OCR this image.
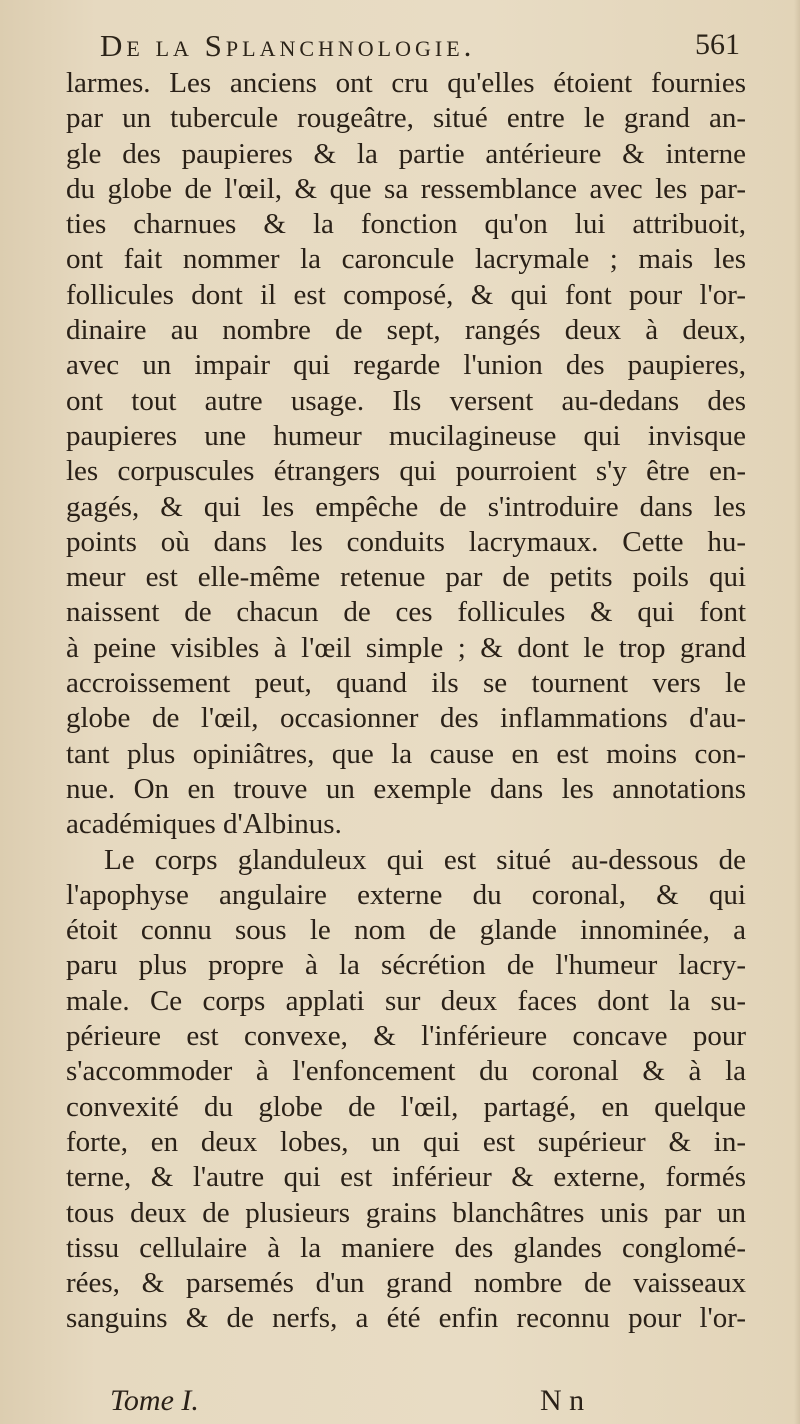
De la Splanchnologie.	561
larmes. Les anciens ont cru qu'elles étoient fournies
par un tubercule rougeâtre, situé entre le grand an-
gle des paupieres & la partie antérieure & interne
du globe de l'œil, & que sa ressemblance avec les par-
ties charnues & la fonction qu'on lui attribuoit,
ont fait nommer la caroncule lacrymale ; mais les
follicules dont il est composé, & qui font pour l'or-
dinaire au nombre de sept, rangés deux à deux,
avec un impair qui regarde l'union des paupieres,
ont tout autre usage. Ils versent au-dedans des
paupieres une humeur mucilagineuse qui invisque
les corpuscules étrangers qui pourroient s'y être en-
gagés, & qui les empêche de s'introduire dans les
points où dans les conduits lacrymaux. Cette hu-
meur est elle-même retenue par de petits poils qui
naissent de chacun de ces follicules & qui font
à peine visibles à l'œil simple ; & dont le trop grand
accroissement peut, quand ils se tournent vers le
globe de l'œil, occasionner des inflammations d'au-
tant plus opiniâtres, que la cause en est moins con-
nue. On en trouve un exemple dans les annotations
académiques d'Albinus.
Le corps glanduleux qui est situé au-dessous de
l'apophyse angulaire externe du coronal, & qui
étoit connu sous le nom de glande innominée, a
paru plus propre à la sécrétion de l'humeur lacry-
male. Ce corps applati sur deux faces dont la su-
périeure est convexe, & l'inférieure concave pour
s'accommoder à l'enfoncement du coronal & à la
convexité du globe de l'œil, partagé, en quelque
forte, en deux lobes, un qui est supérieur & in-
terne, & l'autre qui est inférieur & externe, formés
tous deux de plusieurs grains blanchâtres unis par un
tissu cellulaire à la maniere des glandes conglomé-
rées, & parsemés d'un grand nombre de vaisseaux
sanguins & de nerfs, a été enfin reconnu pour l'or-
Tome I.	N n
